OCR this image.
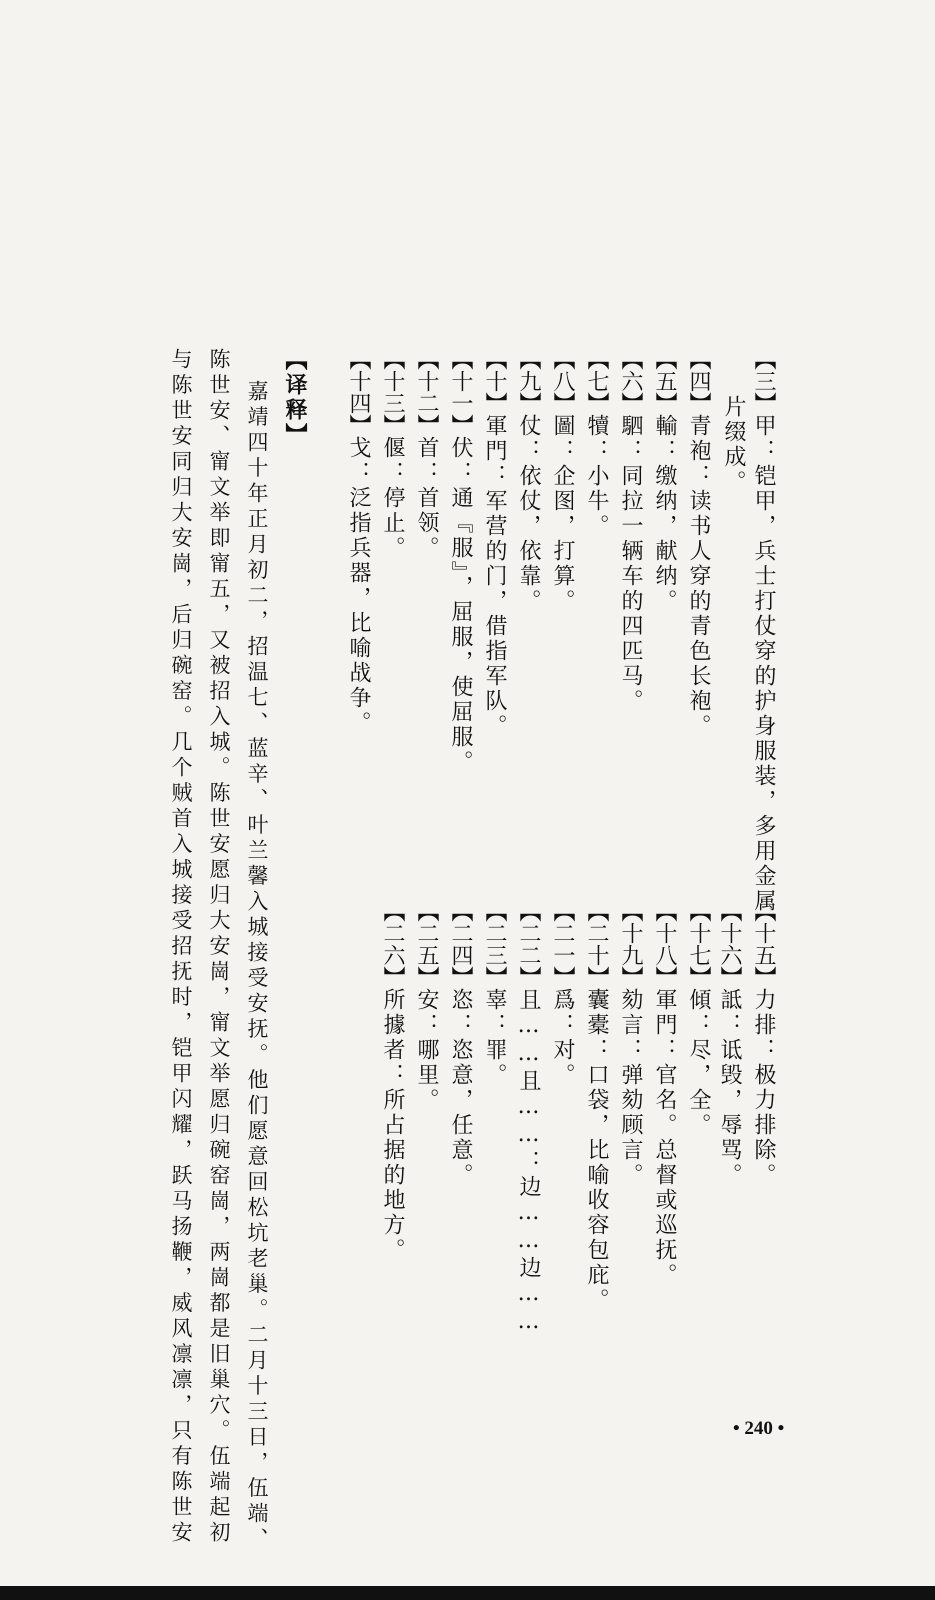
【三】甲：铠甲，兵士打仗穿的护身服装，多用金属
片缀成。
【四】青袍：读书人穿的青色长袍。
【五】輸：缴纳，献纳。
【六】駟：同拉一辆车的四匹马。
【七】犢：小牛。
【八】圖：企图，打算。
【九】仗：依仗，依靠。
【十】軍門：军营的门，借指军队。
【十一】伏：通『服』，屈服，使屈服。
【十二】首：首领。
【十三】偃：停止。
【十四】戈：泛指兵器，比喻战争。
【十五】力排：极力排除。
【十六】詆：诋毁，辱骂。
【十七】傾：尽，全。
【十八】軍門：官名。总督或巡抚。
【十九】劾言：弹劾顾言。
【二十】囊橐：口袋，比喻收容包庇。
【二一】爲：对。
【二二】且……且……：边……边……
【二三】辜：罪。
【二四】恣：恣意，任意。
【二五】安：哪里。
【二六】所據者：所占据的地方。
【译释】
嘉靖四十年正月初二，招温七、蓝辛、叶兰馨入城接受安抚。他们愿意回松坑老巢。二月十三日，伍端、
陈世安、甯文举即甯五，又被招入城。陈世安愿归大安崗，甯文举愿归碗窑崗，两崗都是旧巢穴。伍端起初
与陈世安同归大安崗，后归碗窑。几个贼首入城接受招抚时，铠甲闪耀，跃马扬鞭，威风凛凛，只有陈世安	• 240 •
